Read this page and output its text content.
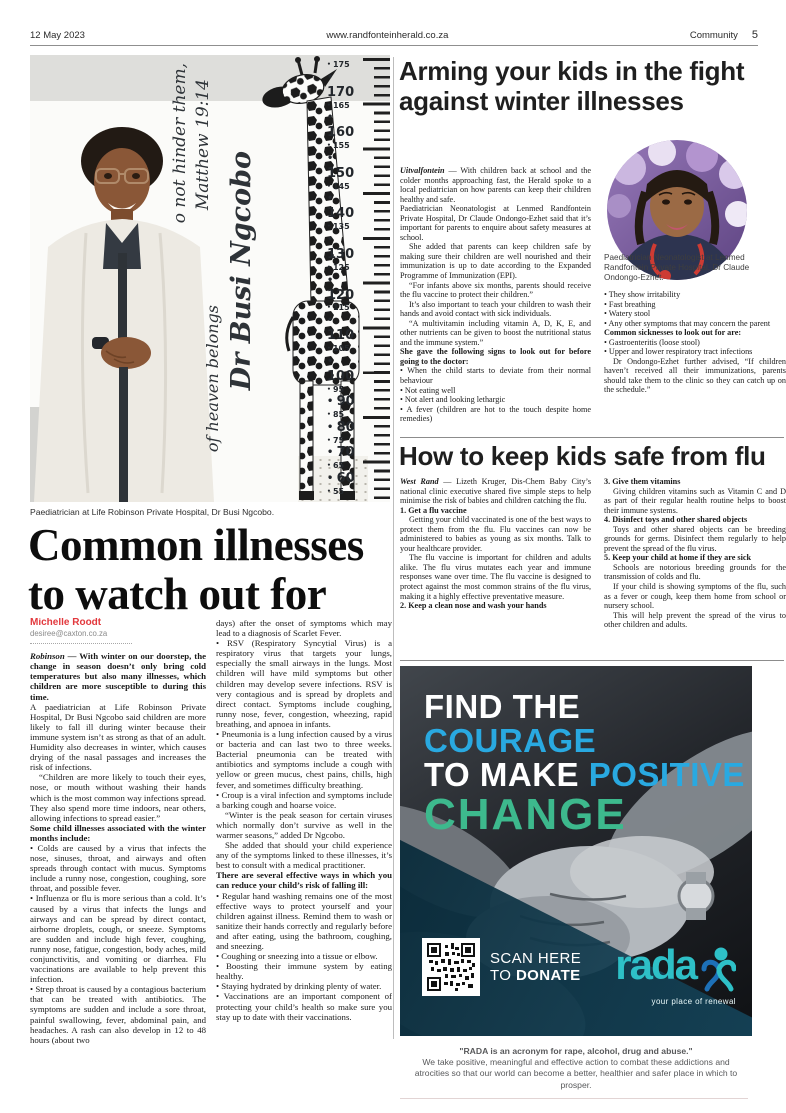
12 May 2023	www.randfonteinherald.co.za	Community 5
o not hinder them, Matthew 19:14
of heaven belongs Dr Busi Ngcobo
• 175
• 170
• 165
• 160
• 155
• 150
• 145
• 140
• 135
• 130
• 125
• 120
• 115
• 110
• 105
• 100
• 95
• 90
• 85
• 80
• 75
• 70
• 65
• 60
• 55
Paediatrician at Life Robinson Private Hospital, Dr Busi Ngcobo.
Common illnesses
to watch out for
Michelle Roodt
desiree@caxton.co.za

Robinson — With winter on our doorstep, the change in season doesn’t only bring cold temperatures but also many illnesses, which children are more susceptible to during this time.

A paediatrician at Life Robinson Private Hospital, Dr Busi Ngcobo said children are more likely to fall ill during winter because their immune system isn’t as strong as that of an adult. Humidity also decreases in winter, which causes drying of the nasal passages and increases the risk of infections.

“Children are more likely to touch their eyes, nose, or mouth without washing their hands which is the most common way infections spread. They also spend more time indoors, near others, allowing infections to spread easier.”

Some child illnesses associated with the winter months include:

• Colds are caused by a virus that infects the nose, sinuses, throat, and airways and often spreads through contact with mucus. Symptoms include a runny nose, congestion, coughing, sore throat, and possible fever.

• Influenza or flu is more serious than a cold. It’s caused by a virus that infects the lungs and airways and can be spread by direct contact, airborne droplets, cough, or sneeze. Symptoms are sudden and include high fever, coughing, runny nose, fatigue, congestion, body aches, mild conjunctivitis, and vomiting or diarrhea. Flu vaccinations are available to help prevent this infection.

• Strep throat is caused by a contagious bacterium that can be treated with antibiotics. The symptoms are sudden and include a sore throat, painful swallowing, fever, abdominal pain, and headaches. A rash can also develop in 12 to 48 hours (about two

days) after the onset of symptoms which may lead to a diagnosis of Scarlet Fever.

• RSV (Respiratory Syncytial Virus) is a respiratory virus that targets your lungs, especially the small airways in the lungs. Most children will have mild symptoms but other children may develop severe infections. RSV is very contagious and is spread by droplets and direct contact. Symptoms include coughing, runny nose, fever, congestion, wheezing, rapid breathing, and apnoea in infants.

• Pneumonia is a lung infection caused by a virus or bacteria and can last two to three weeks. Bacterial pneumonia can be treated with antibiotics and symptoms include a cough with yellow or green mucus, chest pains, chills, high fever, and sometimes difficulty breathing.

• Croup is a viral infection and symptoms include a barking cough and hoarse voice.

“Winter is the peak season for certain viruses which normally don’t survive as well in the warmer seasons,” added Dr Ngcobo.

She added that should your child experience any of the symptoms linked to these illnesses, it’s best to consult with a medical practitioner.

There are several effective ways in which you can reduce your child’s risk of falling ill:

• Regular hand washing remains one of the most effective ways to protect yourself and your children against illness. Remind them to wash or sanitize their hands correctly and regularly before and after eating, using the bathroom, coughing, and sneezing.

• Coughing or sneezing into a tissue or elbow.

• Boosting their immune system by eating healthy.

• Staying hydrated by drinking plenty of water.

• Vaccinations are an important component of protecting your child’s health so make sure you stay up to date with their vaccinations.

Arming your kids in the fight against winter illnesses

Uitvalfontein — With children back at school and the colder months approaching fast, the Herald spoke to a local pediatrician on how parents can keep their children healthy and safe.

Paediatrician Neonatologist at Lenmed Randfontein Private Hospital, Dr Claude Ondongo-Ezhet said that it’s important for parents to enquire about safety measures at school.

She added that parents can keep children safe by making sure their children are well nourished and their immunization is up to date according to the Expanded Programme of Immunization (EPI).

“For infants above six months, parents should receive the flu vaccine to protect their children.”

It’s also important to teach your children to wash their hands and avoid contact with sick individuals.

“A multivitamin including vitamin A, D, K, E, and other nutrients can be given to boost the nutritional status and the immune system.”

She gave the following signs to look out for before going to the doctor:

• When the child starts to deviate from their normal behaviour

• Not eating well

• Not alert and looking lethargic

• A fever (children are hot to the touch despite home remedies)

Paediatrician Neonatologist at Lenmed Randfontein Private Hospital, Dr Claude Ondongo-Ezhet.

• They show irritability

• Fast breathing

• Watery stool

• Any other symptoms that may concern the parent

Common sicknesses to look out for are:

• Gastroenteritis (loose stool)

• Upper and lower respiratory tract infections

Dr Ondongo-Ezhet further advised, “If children haven’t received all their immunizations, parents should take them to the clinic so they can catch up on the schedule.”

How to keep kids safe from flu

West Rand — Lizeth Kruger, Dis-Chem Baby City’s national clinic executive shared five simple steps to help minimise the risk of babies and children catching the flu.

1. Get a flu vaccine

Getting your child vaccinated is one of the best ways to protect them from the flu. Flu vaccines can now be administered to babies as young as six months. Talk to your healthcare provider.

The flu vaccine is important for children and adults alike. The flu virus mutates each year and immune responses wane over time. The flu vaccine is designed to protect against the most common strains of the flu virus, making it a highly effective preventative measure.

2. Keep a clean nose and wash your hands

3. Give them vitamins

Giving children vitamins such as Vitamin C and D as part of their regular health routine helps to boost their immune systems.

4. Disinfect toys and other shared objects

Toys and other shared objects can be breeding grounds for germs. Disinfect them regularly to help prevent the spread of the flu virus.

5. Keep your child at home if they are sick

Schools are notorious breeding grounds for the transmission of colds and flu.

If your child is showing symptoms of the flu, such as a fever or cough, keep them home from school or nursery school.

This will help prevent the spread of the virus to other children and adults.

FIND THE COURAGE
TO MAKE POSITIVE
CHANGE
SCAN HERE
TO DONATE rada
your place of renewal
"RADA is an acronym for rape, alcohol, drug and abuse."
We take positive, meaningful and effective action to combat these addictions and atrocities so that our world can become a better, healthier and safer place in which to prosper.
